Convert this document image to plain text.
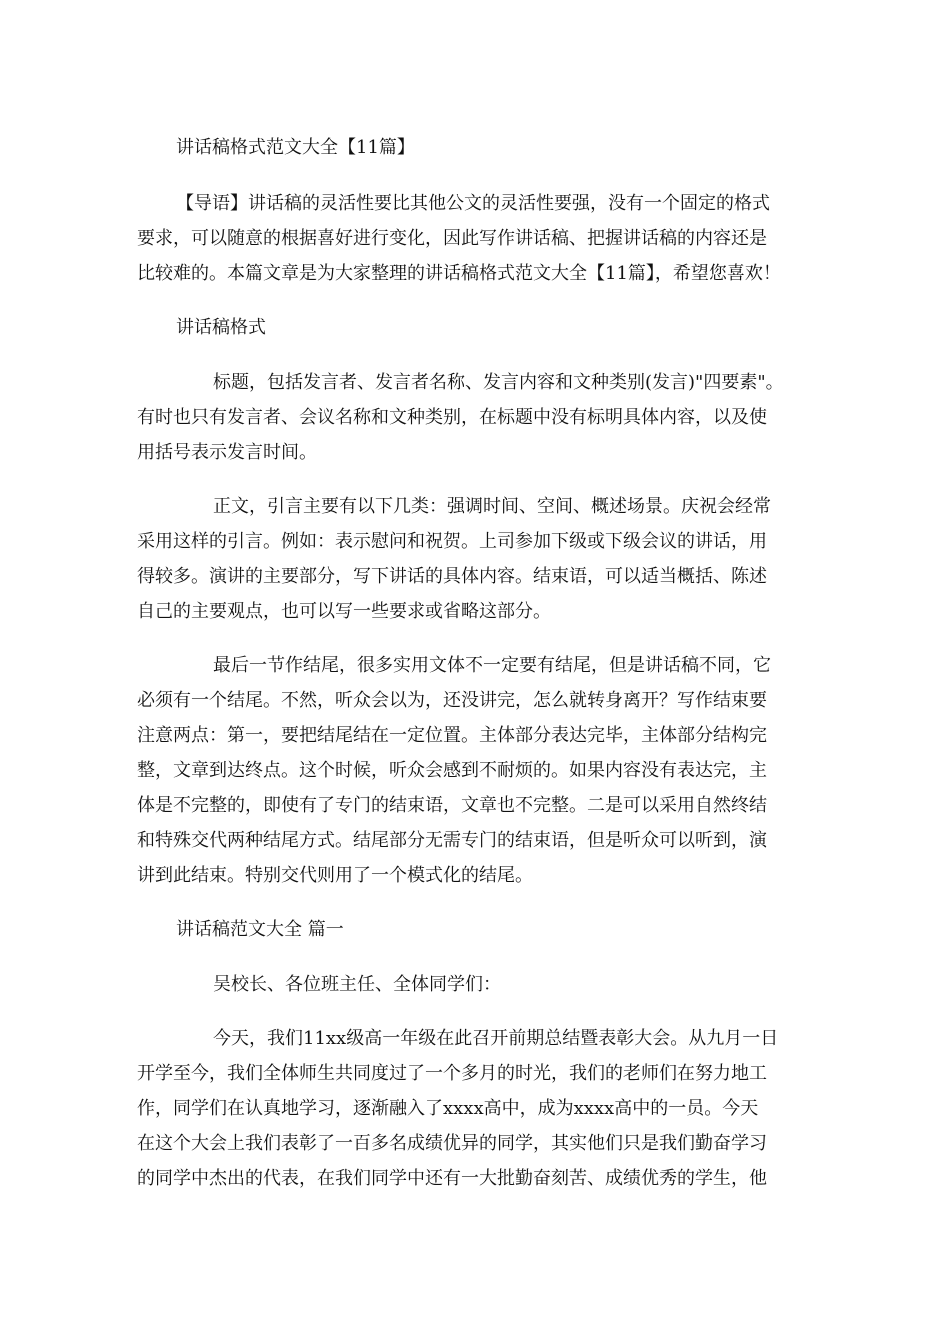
讲话稿格式范文大全【11篇】
【导语】讲话稿的灵活性要比其他公文的灵活性要强，没有一个固定的格式
要求，可以随意的根据喜好进行变化，因此写作讲话稿、把握讲话稿的内容还是
比较难的。本篇文章是为大家整理的讲话稿格式范文大全【11篇】，希望您喜欢！
讲话稿格式
标题，包括发言者、发言者名称、发言内容和文种类别(发言)"四要素"。
有时也只有发言者、会议名称和文种类别，在标题中没有标明具体内容，以及使
用括号表示发言时间。
正文，引言主要有以下几类：强调时间、空间、概述场景。庆祝会经常
采用这样的引言。例如：表示慰问和祝贺。上司参加下级或下级会议的讲话，用
得较多。演讲的主要部分，写下讲话的具体内容。结束语，可以适当概括、陈述
自己的主要观点，也可以写一些要求或省略这部分。
最后一节作结尾，很多实用文体不一定要有结尾，但是讲话稿不同，它
必须有一个结尾。不然，听众会以为，还没讲完，怎么就转身离开？写作结束要
注意两点：第一，要把结尾结在一定位置。主体部分表达完毕，主体部分结构完
整，文章到达终点。这个时候，听众会感到不耐烦的。如果内容没有表达完，主
体是不完整的，即使有了专门的结束语，文章也不完整。二是可以采用自然终结
和特殊交代两种结尾方式。结尾部分无需专门的结束语，但是听众可以听到，演
讲到此结束。特别交代则用了一个模式化的结尾。
讲话稿范文大全 篇一
吴校长、各位班主任、全体同学们：
今天，我们11xx级高一年级在此召开前期总结暨表彰大会。从九月一日
开学至今，我们全体师生共同度过了一个多月的时光，我们的老师们在努力地工
作，同学们在认真地学习，逐渐融入了xxxx高中，成为xxxx高中的一员。今天
在这个大会上我们表彰了一百多名成绩优异的同学，其实他们只是我们勤奋学习
的同学中杰出的代表，在我们同学中还有一大批勤奋刻苦、成绩优秀的学生，他
